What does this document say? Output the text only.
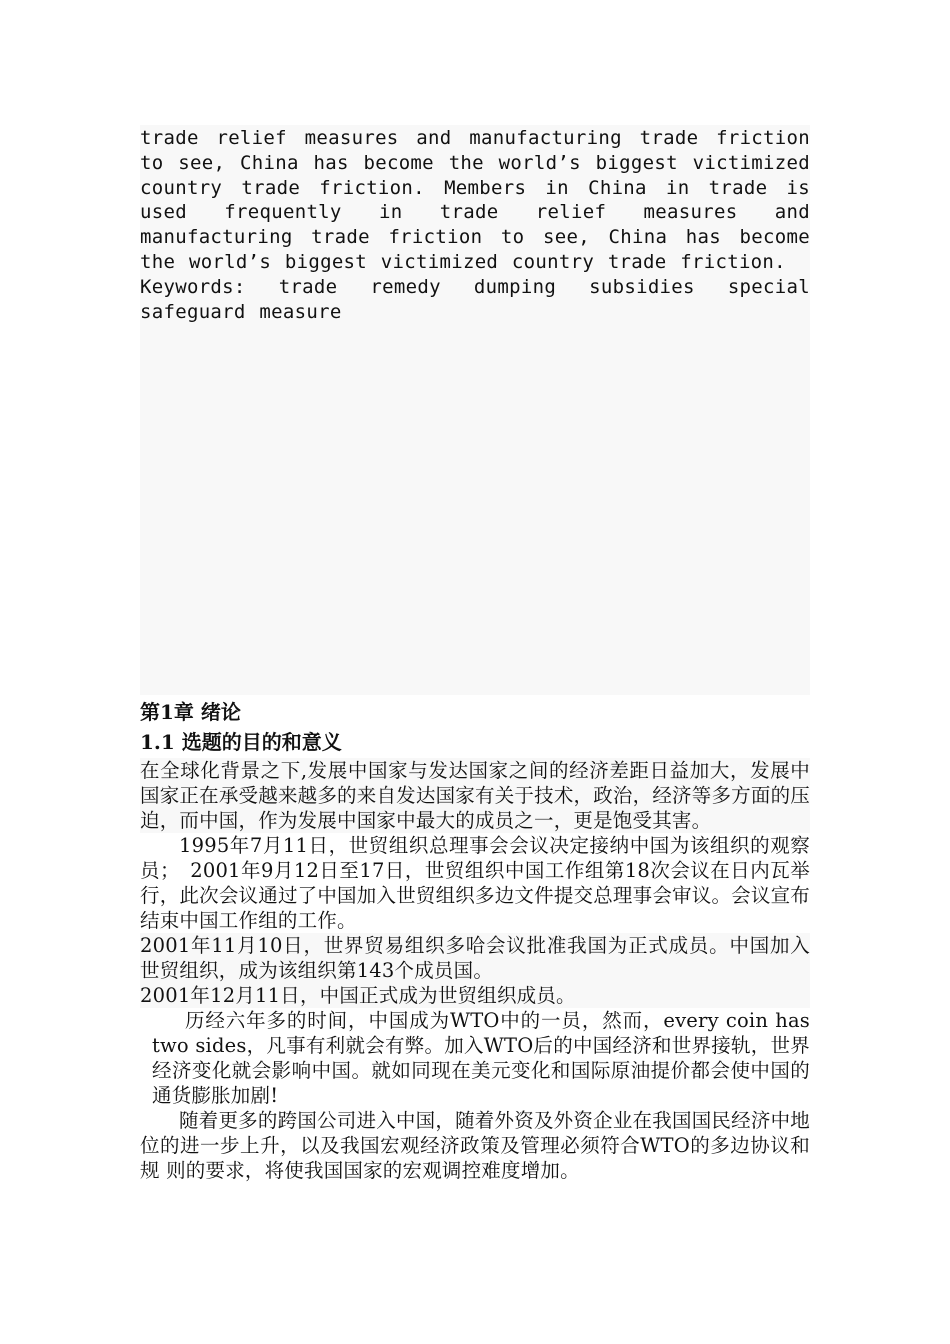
trade relief measures and manufacturing trade friction to see, China has become the world’s biggest victimized country trade friction. Members in China in trade is used frequently in trade relief measures and manufacturing trade friction to see, China has become the world’s biggest victimized country trade friction.

Keywords: trade remedy dumping subsidies special safeguard measure

第1章 绪论
1.1 选题的目的和意义

在全球化背景之下,发展中国家与发达国家之间的经济差距日益加大，发展中国家正在承受越来越多的来自发达国家有关于技术，政治，经济等多方面的压迫，而中国，作为发展中国家中最大的成员之一，更是饱受其害。

1995年7月11日，世贸组织总理事会会议决定接纳中国为该组织的观察员；　2001年9月12日至17日，世贸组织中国工作组第18次会议在日内瓦举行，此次会议通过了中国加入世贸组织多边文件提交总理事会审议。会议宣布结束中国工作组的工作。

2001年11月10日，世界贸易组织多哈会议批准我国为正式成员。中国加入世贸组织，成为该组织第143个成员国。

2001年12月11日，中国正式成为世贸组织成员。

历经六年多的时间，中国成为WTO中的一员，然而，every coin has two sides，凡事有利就会有弊。加入WTO后的中国经济和世界接轨，世界经济变化就会影响中国。就如同现在美元变化和国际原油提价都会使中国的通货膨胀加剧!

随着更多的跨国公司进入中国，随着外资及外资企业在我国国民经济中地 位的进一步上升，以及我国宏观经济政策及管理必须符合WTO的多边协议和规 则的要求，将使我国国家的宏观调控难度增加。
